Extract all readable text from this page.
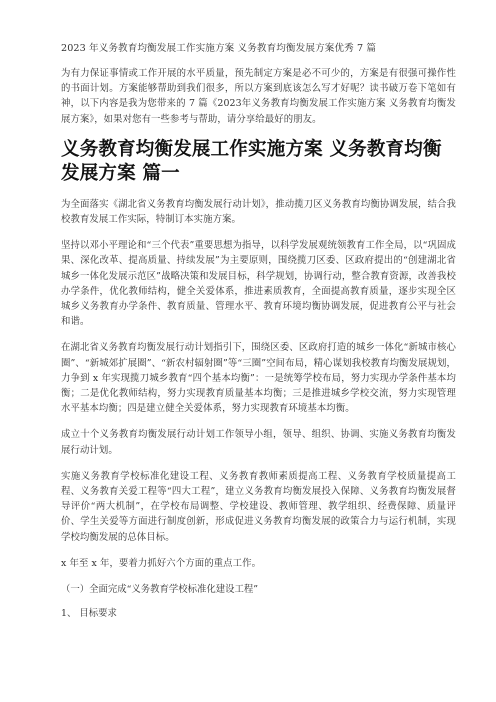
2023 年义务教育均衡发展工作实施方案 义务教育均衡发展方案优秀 7 篇
为有力保证事情或工作开展的水平质量，预先制定方案是必不可少的，方案是有很强可操作性的书面计划。方案能够帮助到我们很多，所以方案到底该怎么写才好呢？读书破万卷下笔如有神，以下内容是我为您带来的 7 篇《2023年义务教育均衡发展工作实施方案 义务教育均衡发展方案》，如果对您有一些参考与帮助，请分享给最好的朋友。
义务教育均衡发展工作实施方案 义务教育均衡发展方案 篇一
为全面落实《湖北省义务教育均衡发展行动计划》，推动揽刀区义务教育均衡协调发展，结合我校教育发展工作实际，特制订本实施方案。
坚持以邓小平理论和“三个代表”重要思想为指导，以科学发展观统领教育工作全局，以“巩固成果、深化改革、提高质量、持续发展”为主要原则，围绕揽刀区委、区政府提出的“创建湖北省城乡一体化发展示范区”战略决策和发展目标，科学规划，协调行动，整合教育资源，改善我校办学条件，优化教师结构，健全关爱体系，推进素质教育，全面提高教育质量，逐步实现全区城乡义务教育办学条件、教育质量、管理水平、教育环境均衡协调发展，促进教育公平与社会和谐。
在湖北省义务教育均衡发展行动计划指引下，围绕区委、区政府打造的城乡一体化“新城市核心圈”、“新城郊扩展圈”、“新农村辐射圈”等“三圈”空间布局，精心谋划我校教育均衡发展规划，力争到 x 年实现揽刀城乡教育“四个基本均衡”：一是统筹学校布局，努力实现办学条件基本均衡；二是优化教师结构，努力实现教育质量基本均衡；三是推进城乡学校交流，努力实现管理水平基本均衡；四是建立健全关爱体系，努力实现教育环境基本均衡。
成立十个义务教育均衡发展行动计划工作领导小组，领导、组织、协调、实施义务教育均衡发展行动计划。
实施义务教育学校标准化建设工程、义务教育教师素质提高工程、义务教育学校质量提高工程、义务教育关爱工程等“四大工程”，建立义务教育均衡发展投入保障、义务教育均衡发展督导评价“两大机制”，在学校布局调整、学校建设、教师管理、教学组织、经费保障、质量评价、学生关爱等方面进行制度创新，形成促进义务教育均衡发展的政策合力与运行机制，实现学校均衡发展的总体目标。
x 年至 x 年，要着力抓好六个方面的重点工作。
（一）全面完成“义务教育学校标准化建设工程”
1、 目标要求
